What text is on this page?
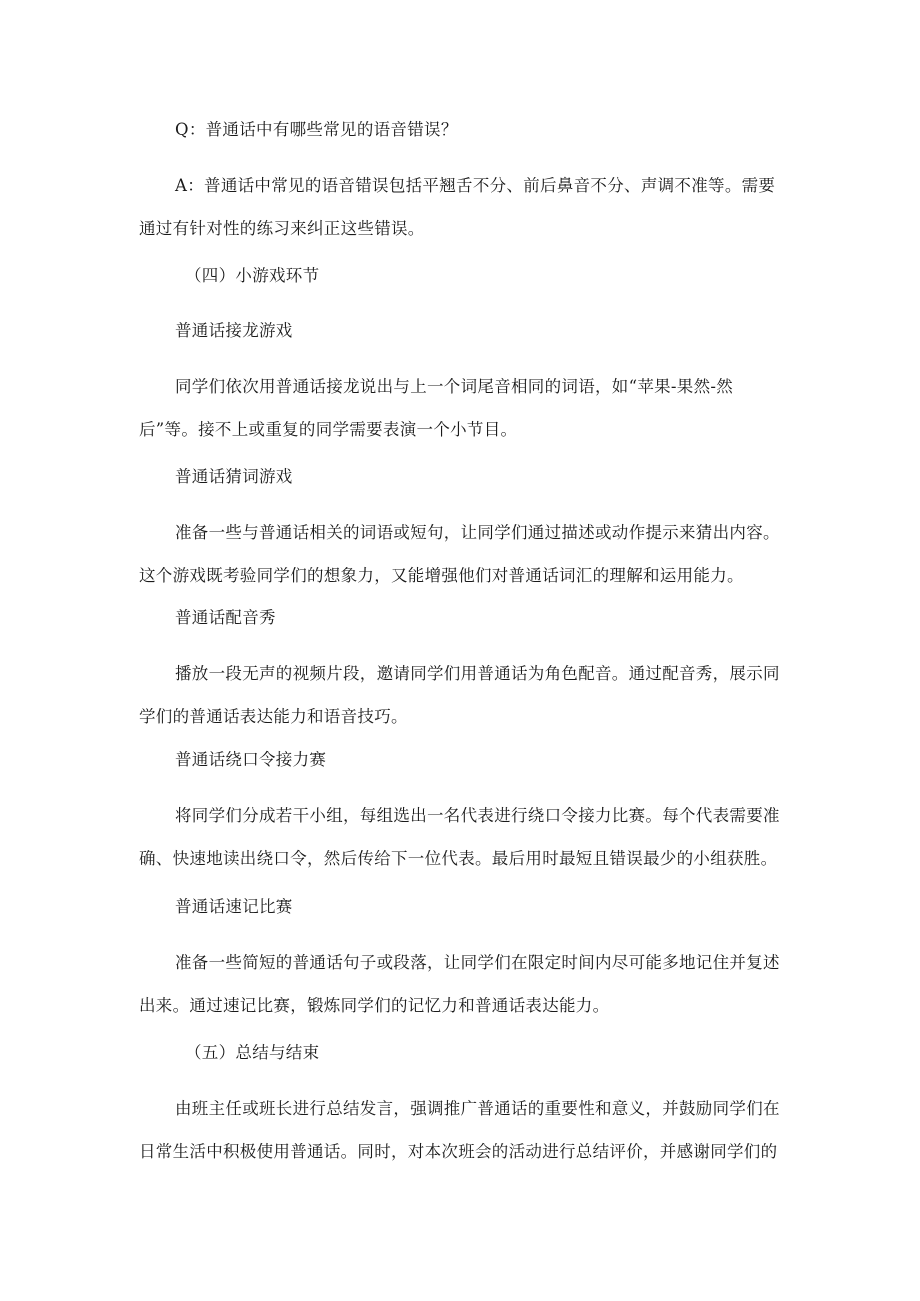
Q：普通话中有哪些常见的语音错误？

A：普通话中常见的语音错误包括平翘舌不分、前后鼻音不分、声调不准等。需要通过有针对性的练习来纠正这些错误。

（四）小游戏环节

普通话接龙游戏

同学们依次用普通话接龙说出与上一个词尾音相同的词语，如“苹果-果然-然后”等。接不上或重复的同学需要表演一个小节目。

普通话猜词游戏

准备一些与普通话相关的词语或短句，让同学们通过描述或动作提示来猜出内容。这个游戏既考验同学们的想象力，又能增强他们对普通话词汇的理解和运用能力。

普通话配音秀

播放一段无声的视频片段，邀请同学们用普通话为角色配音。通过配音秀，展示同学们的普通话表达能力和语音技巧。

普通话绕口令接力赛

将同学们分成若干小组，每组选出一名代表进行绕口令接力比赛。每个代表需要准确、快速地读出绕口令，然后传给下一位代表。最后用时最短且错误最少的小组获胜。

普通话速记比赛

准备一些简短的普通话句子或段落，让同学们在限定时间内尽可能多地记住并复述出来。通过速记比赛，锻炼同学们的记忆力和普通话表达能力。

（五）总结与结束

由班主任或班长进行总结发言，强调推广普通话的重要性和意义，并鼓励同学们在日常生活中积极使用普通话。同时，对本次班会的活动进行总结评价，并感谢同学们的
